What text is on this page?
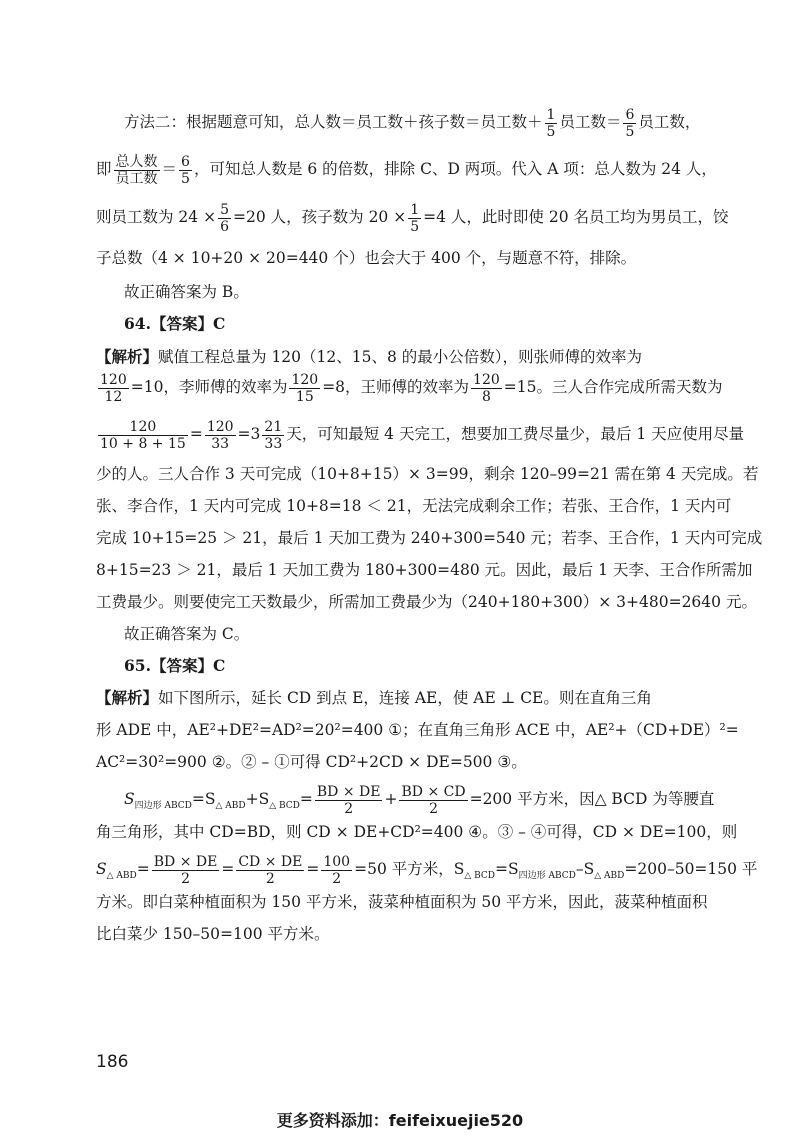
方法二：根据题意可知，总人数＝员工数＋孩子数＝员工数＋ $\frac{1}{5}$ 员工数＝ $\frac{6}{5}$ 员工数，
即 $\frac{\text{总人数}}{\text{员工数}} = \frac{6}{5}$ ，可知总人数是 6 的倍数，排除 C、D 两项。代入 A 项：总人数为 24 人，
则员工数为 $24 \times \frac{5}{6} =20$ 人，孩子数为 $20 \times \frac{1}{5} =4$ 人，此时即使 20 名员工均为男员工，饺
子总数（4 × 10+20 × 20=440 个）也会大于 400 个，与题意不符，排除。
故正确答案为 B。
64.【答案】C
【解析】赋值工程总量为 120（12、15、8 的最小公倍数），则张师傅的效率为
$\frac{120}{12} =10$，李师傅的效率为 $\frac{120}{15} =8$，王师傅的效率为 $\frac{120}{8} =15$。三人合作完成所需天数为
$\frac{120}{10 + 8 + 15} = \frac{120}{33} =3 \frac{21}{33}$ 天，可知最短 4 天完工，想要加工费尽量少，最后 1 天应使用尽量
少的人。三人合作 3 天可完成（10+8+15）× 3=99，剩余 120–99=21 需在第 4 天完成。若
张、李合作，1 天内可完成 10+8=18 ＜ 21，无法完成剩余工作；若张、王合作，1 天内可
完成 10+15=25 ＞ 21，最后 1 天加工费为 240+300=540 元；若李、王合作，1 天内可完成
8+15=23 ＞ 21，最后 1 天加工费为 180+300=480 元。因此，最后 1 天李、王合作所需加
工费最少。则要使完工天数最少，所需加工费最少为（240+180+300）× 3+480=2640 元。
故正确答案为 C。
65.【答案】C
【解析】如下图所示，延长 CD 到点 E，连接 AE，使 AE ⊥ CE。则在直角三角
形 ADE 中，AE²+DE²=AD²=20²=400 ①；在直角三角形 ACE 中，AE²+（CD+DE）²=
AC²=30²=900 ②。② – ①可得 CD²+2CD × DE=500 ③。
$S_{四边形 ABCD}=S_{\triangle ABD}+S_{\triangle BCD}= \frac{BD \times DE}{2} + \frac{BD \times CD}{2} =200$ 平方米，因△ BCD 为等腰直
角三角形，其中 CD=BD，则 CD × DE+CD²=400 ④。③ – ④可得，CD × DE=100，则
$S_{\triangle ABD}= \frac{BD \times DE}{2} = \frac{CD \times DE}{2} = \frac{100}{2} =50$ 平方米，$S_{\triangle BCD}=S_{四边形 ABCD}-S_{\triangle ABD}=200-50=150$ 平
方米。即白菜种植面积为 150 平方米，菠菜种植面积为 50 平方米，因此，菠菜种植面积
比白菜少 150–50=100 平方米。
186
更多资料添加：feifeixuejie520
